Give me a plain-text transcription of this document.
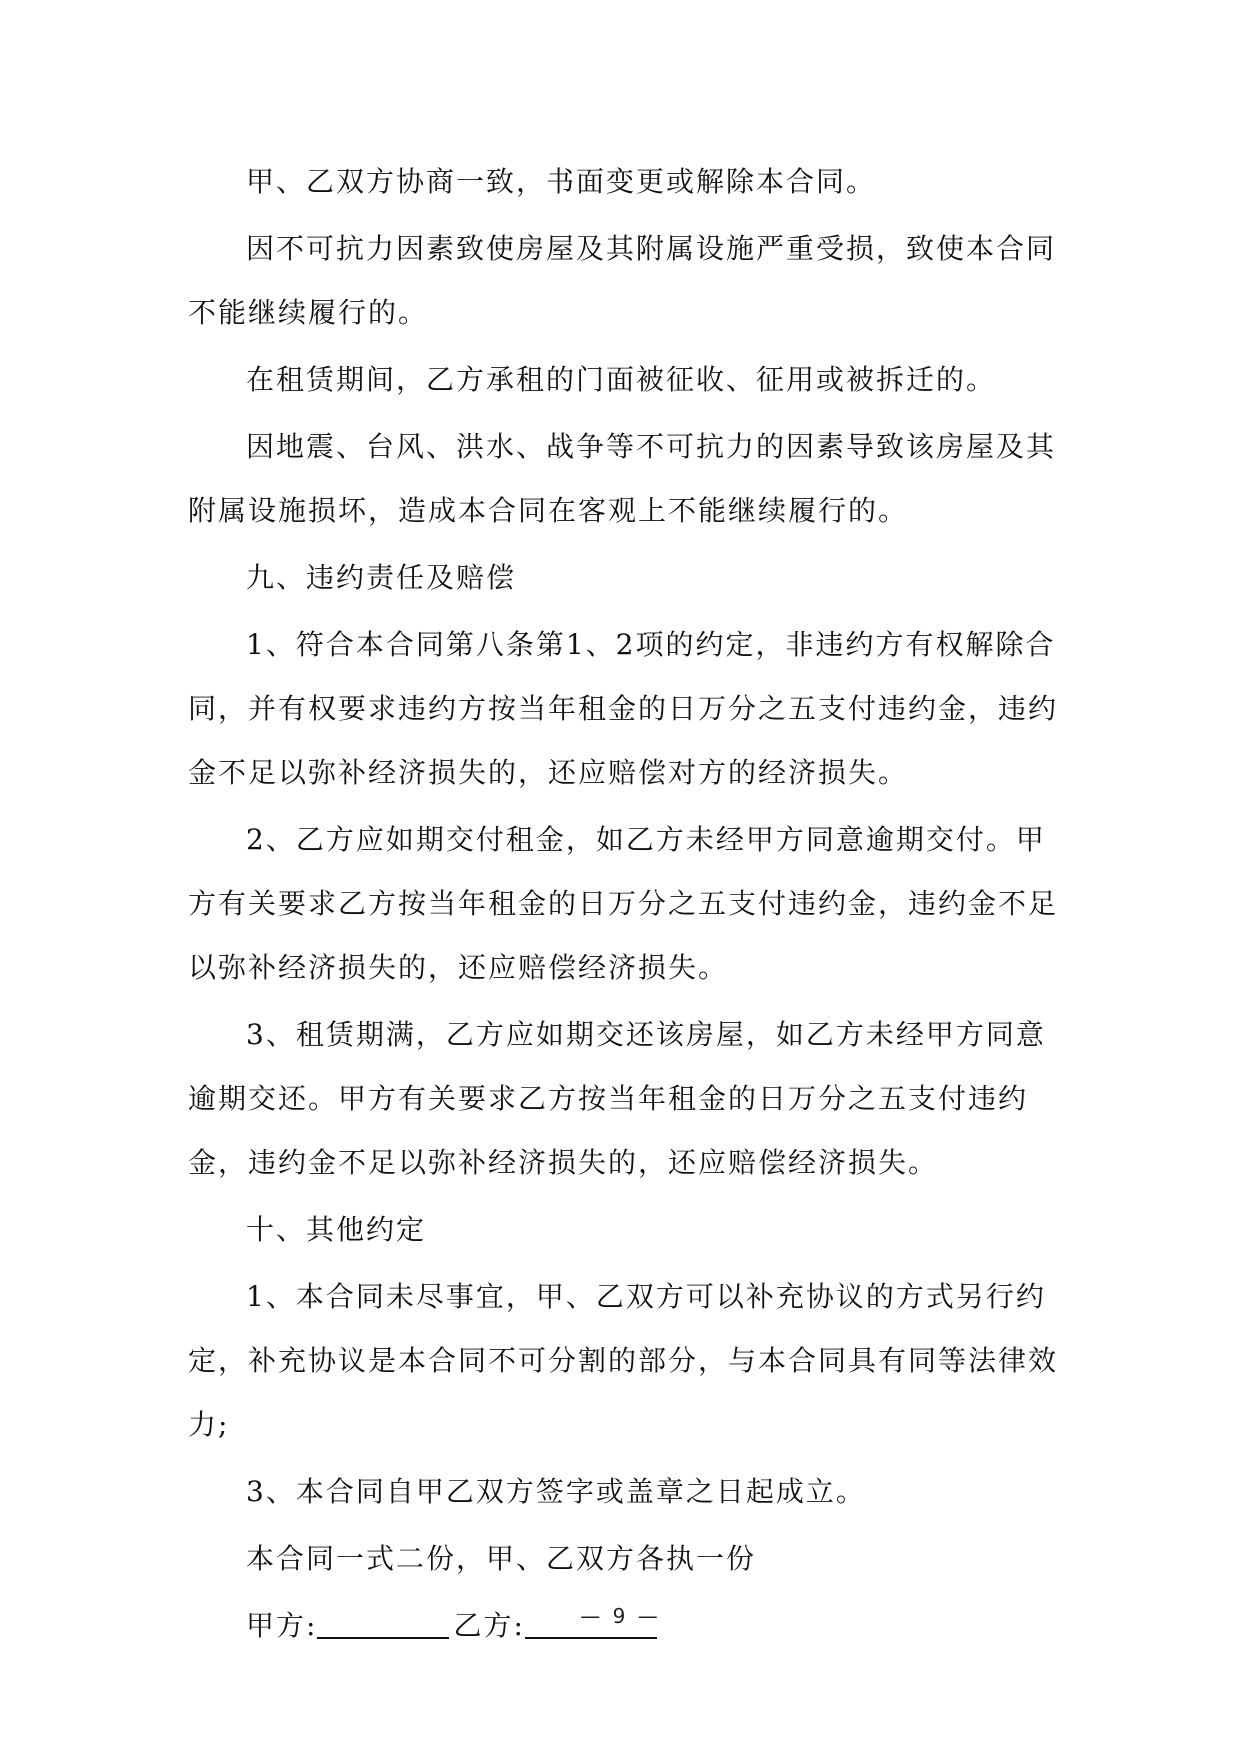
甲、乙双方协商一致，书面变更或解除本合同。

因不可抗力因素致使房屋及其附属设施严重受损，致使本合同不能继续履行的。

在租赁期间，乙方承租的门面被征收、征用或被拆迁的。

因地震、台风、洪水、战争等不可抗力的因素导致该房屋及其附属设施损坏，造成本合同在客观上不能继续履行的。

九、违约责任及赔偿

1、符合本合同第八条第1、2项的约定，非违约方有权解除合同，并有权要求违约方按当年租金的日万分之五支付违约金，违约金不足以弥补经济损失的，还应赔偿对方的经济损失。

2、乙方应如期交付租金，如乙方未经甲方同意逾期交付。甲方有关要求乙方按当年租金的日万分之五支付违约金，违约金不足以弥补经济损失的，还应赔偿经济损失。

3、租赁期满，乙方应如期交还该房屋，如乙方未经甲方同意逾期交还。甲方有关要求乙方按当年租金的日万分之五支付违约金，违约金不足以弥补经济损失的，还应赔偿经济损失。

十、其他约定

1、本合同未尽事宜，甲、乙双方可以补充协议的方式另行约定，补充协议是本合同不可分割的部分，与本合同具有同等法律效力;

3、本合同自甲乙双方签字或盖章之日起成立。

本合同一式二份，甲、乙双方各执一份

甲方:	乙方:	— 9 —
